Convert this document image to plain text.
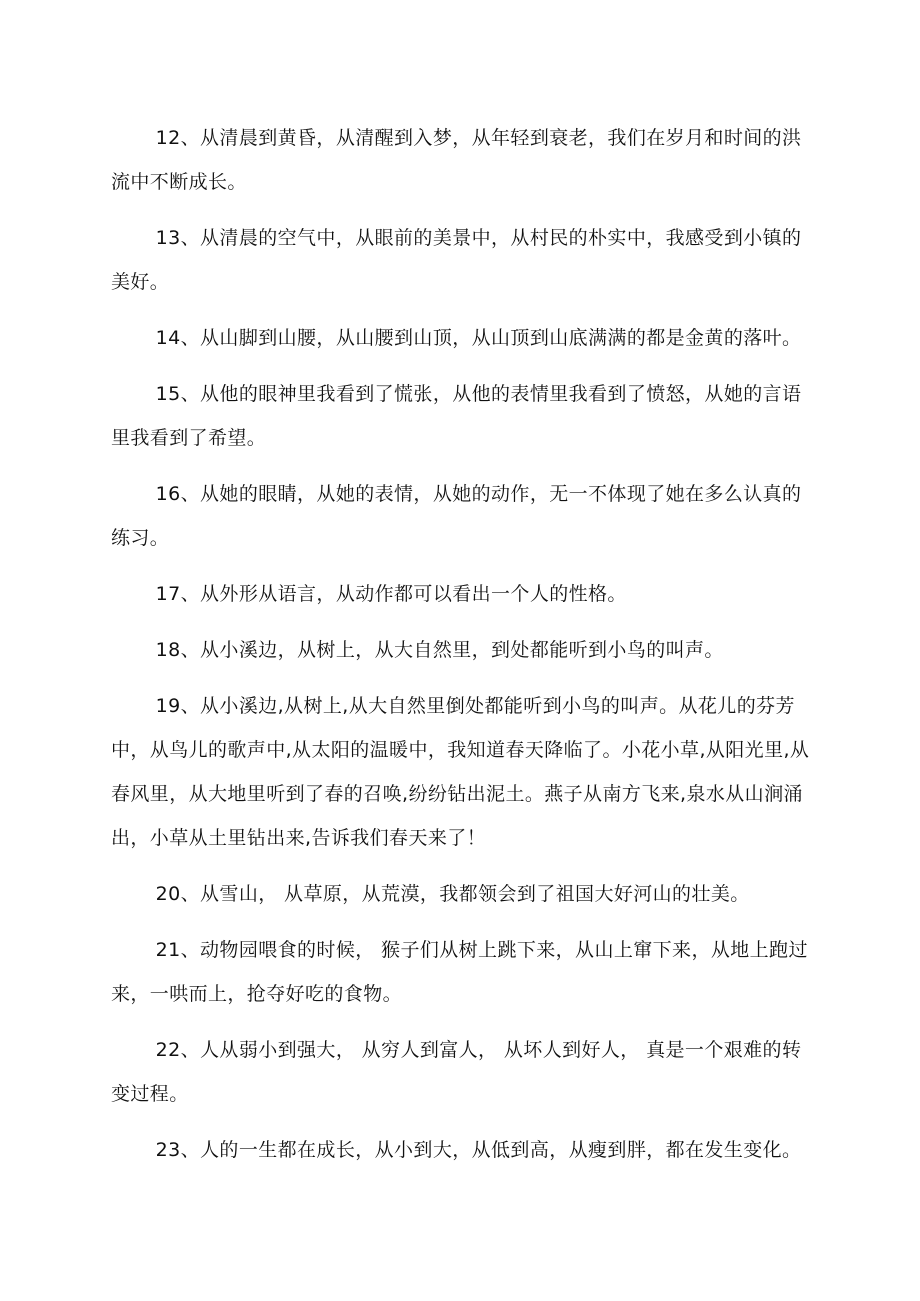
12、从清晨到黄昏，从清醒到入梦，从年轻到衰老，我们在岁月和时间的洪流中不断成长。

13、从清晨的空气中，从眼前的美景中，从村民的朴实中，我感受到小镇的美好。

14、从山脚到山腰，从山腰到山顶，从山顶到山底满满的都是金黄的落叶。

15、从他的眼神里我看到了慌张，从他的表情里我看到了愤怒，从她的言语里我看到了希望。

16、从她的眼睛，从她的表情，从她的动作，无一不体现了她在多么认真的练习。

17、从外形从语言，从动作都可以看出一个人的性格。

18、从小溪边，从树上，从大自然里，到处都能听到小鸟的叫声。

19、从小溪边,从树上,从大自然里倒处都能听到小鸟的叫声。从花儿的芬芳中，从鸟儿的歌声中,从太阳的温暖中，我知道春天降临了。小花小草,从阳光里,从春风里，从大地里听到了春的召唤,纷纷钻出泥土。燕子从南方飞来,泉水从山涧涌出，小草从土里钻出来,告诉我们春天来了！

20、从雪山， 从草原，从荒漠，我都领会到了祖国大好河山的壮美。

21、动物园喂食的时候， 猴子们从树上跳下来，从山上窜下来，从地上跑过来，一哄而上，抢夺好吃的食物。

22、人从弱小到强大， 从穷人到富人， 从坏人到好人， 真是一个艰难的转变过程。

23、人的一生都在成长，从小到大，从低到高，从瘦到胖，都在发生变化。
